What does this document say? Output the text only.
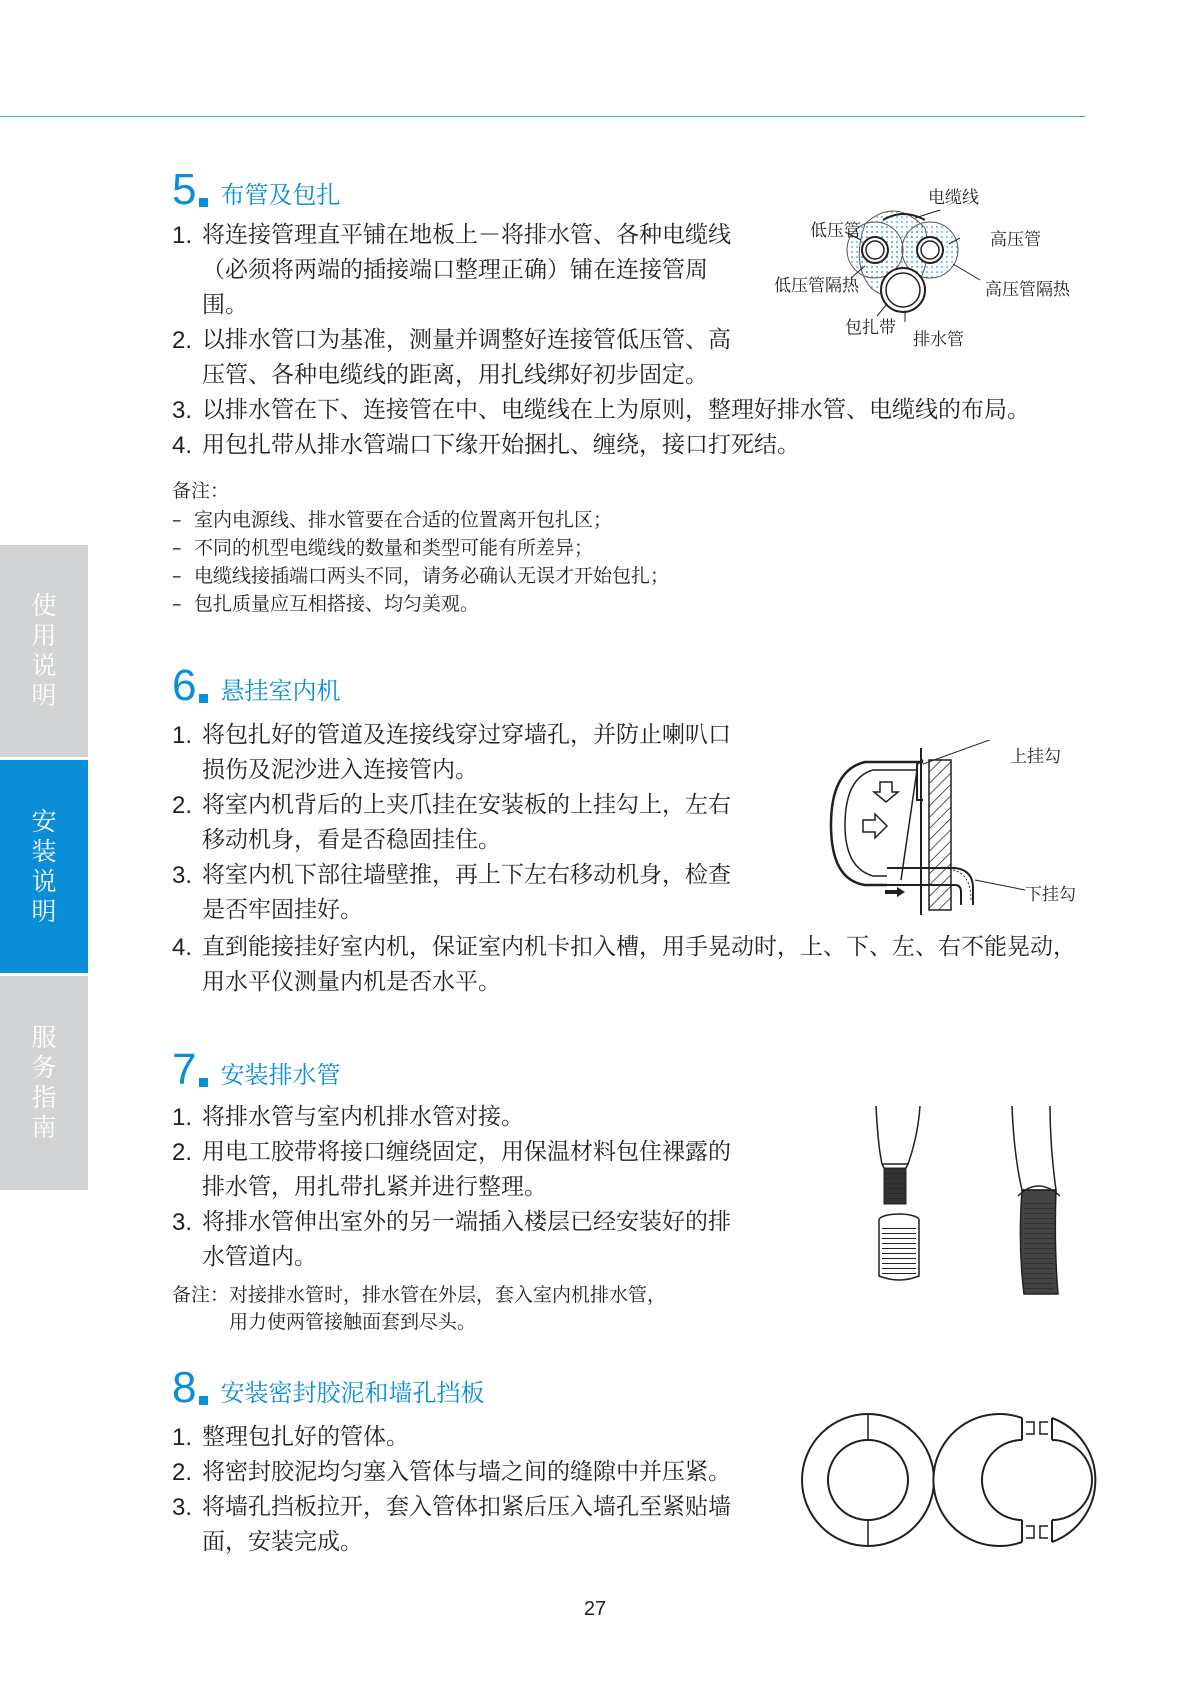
使
用
说
明
安
装
说
明
服
务
指
南
5 布管及包扎
1. 将连接管理直平铺在地板上－将排水管、各种电缆线（必须将两端的插接端口整理正确）铺在连接管周围。
2. 以排水管口为基准，测量并调整好连接管低压管、高压管、各种电缆线的距离，用扎线绑好初步固定。
3. 以排水管在下、连接管在中、电缆线在上为原则，整理好排水管、电缆线的布局。
4. 用包扎带从排水管端口下缘开始捆扎、缠绕，接口打死结。
备注：
– 室内电源线、排水管要在合适的位置离开包扎区；
– 不同的机型电缆线的数量和类型可能有所差异；
– 电缆线接插端口两头不同，请务必确认无误才开始包扎；
– 包扎质量应互相搭接、均匀美观。
电缆线
低压管	高压管
低压管隔热	高压管隔热
包扎带
排水管
6 悬挂室内机
1. 将包扎好的管道及连接线穿过穿墙孔，并防止喇叭口损伤及泥沙进入连接管内。
2. 将室内机背后的上夹爪挂在安装板的上挂勾上，左右移动机身，看是否稳固挂住。
3. 将室内机下部往墙壁推，再上下左右移动机身，检查是否牢固挂好。
4. 直到能接挂好室内机，保证室内机卡扣入槽，用手晃动时，上、下、左、右不能晃动，用水平仪测量内机是否水平。
上挂勾
下挂勾
7 安装排水管
1. 将排水管与室内机排水管对接。
2. 用电工胶带将接口缠绕固定，用保温材料包住裸露的排水管，用扎带扎紧并进行整理。
3. 将排水管伸出室外的另一端插入楼层已经安装好的排水管道内。
备注： 对接排水管时，排水管在外层，套入室内机排水管，
用力使两管接触面套到尽头。
8 安装密封胶泥和墙孔挡板
1. 整理包扎好的管体。
2. 将密封胶泥均匀塞入管体与墙之间的缝隙中并压紧。
3. 将墙孔挡板拉开，套入管体扣紧后压入墙孔至紧贴墙面，安装完成。
27
